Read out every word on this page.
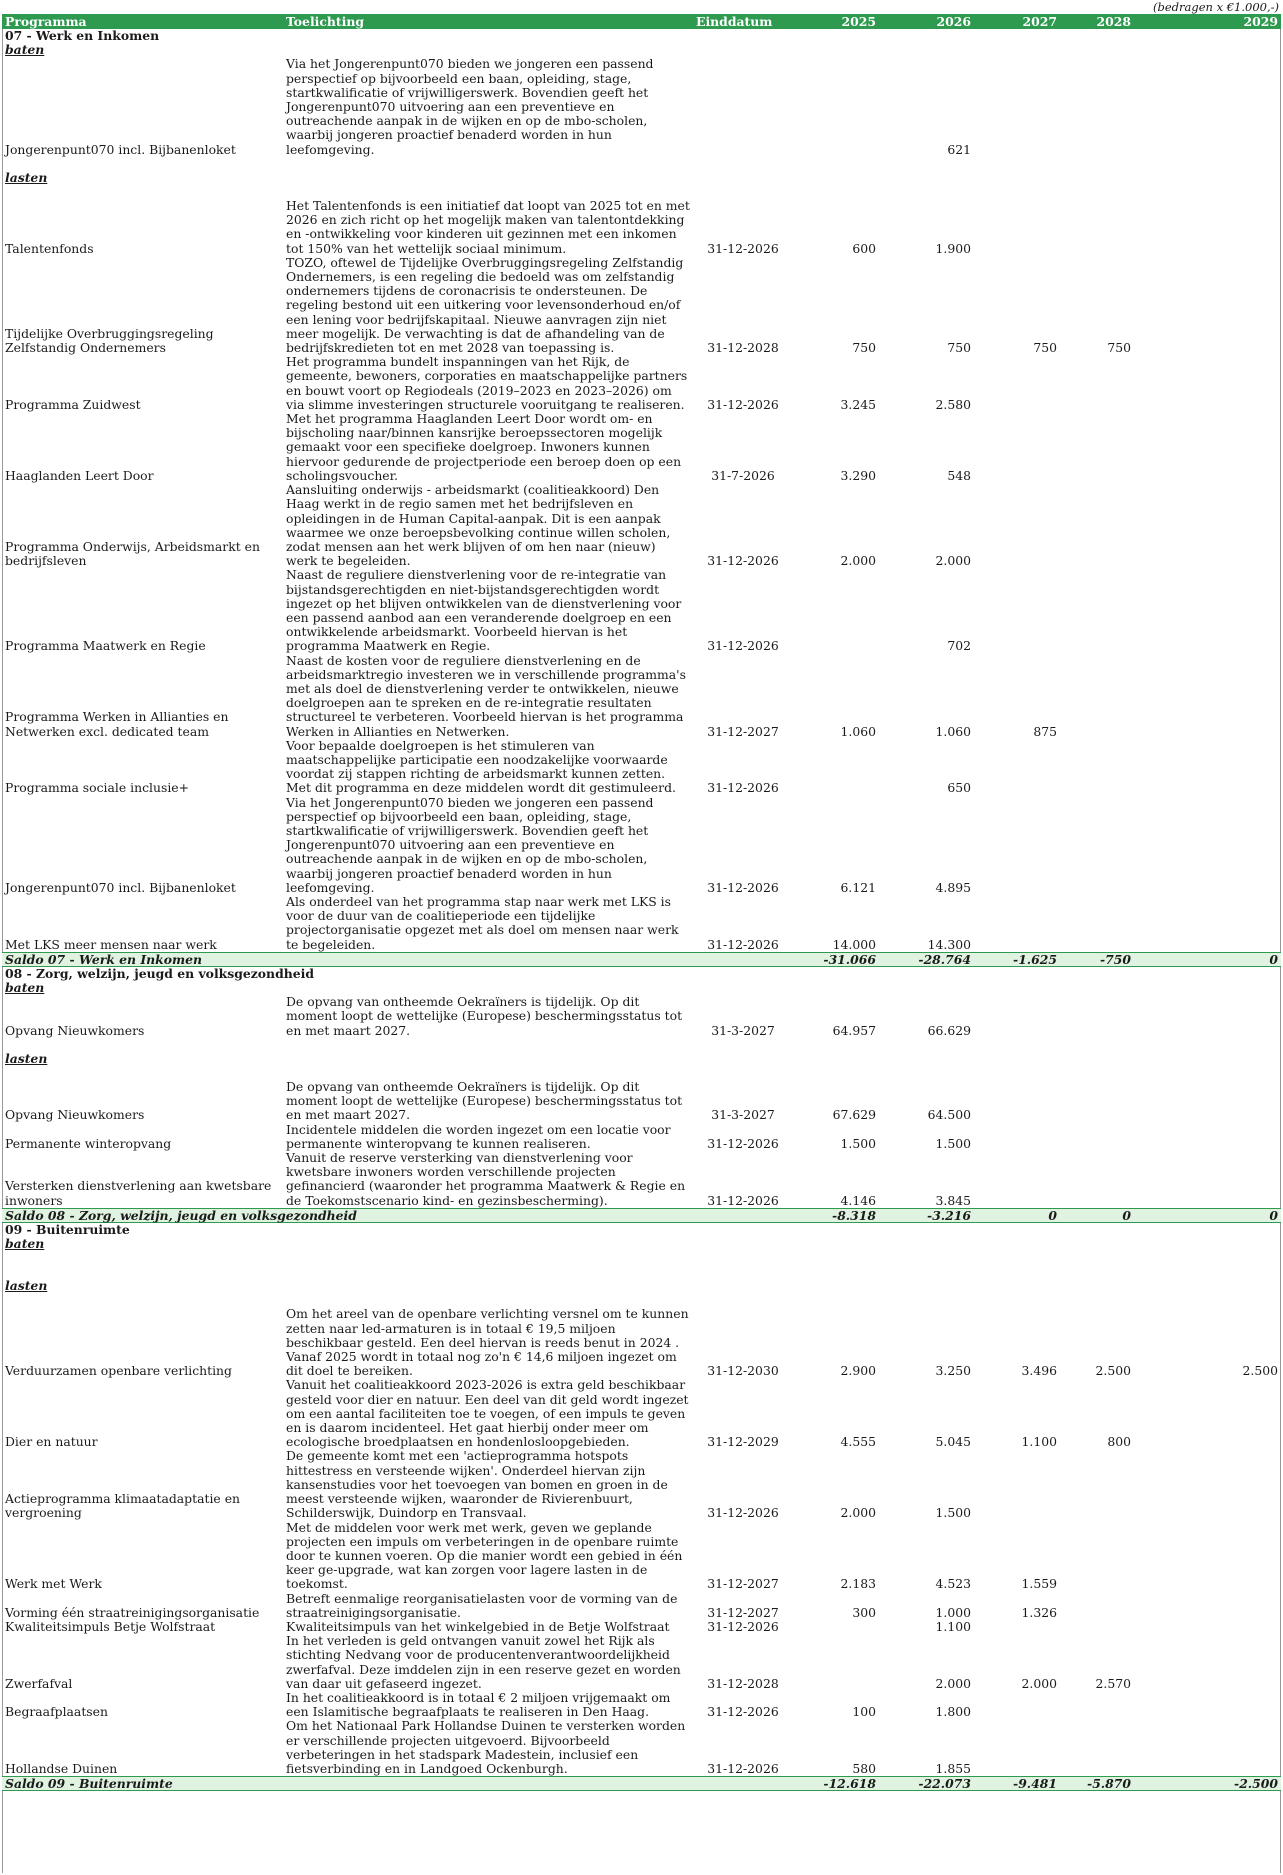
(bedragen x €1.000,-)
Programma	Toelichting	Einddatum	2025	2026	2027	2028	2029
07 - Werk en Inkomen							
baten							
Jongerenpunt070 incl. Bijbanenloket	Via het Jongerenpunt070 bieden we jongeren een passend perspectief op bijvoorbeeld een baan, opleiding, stage, startkwalificatie of vrijwilligerswerk. Bovendien geeft het Jongerenpunt070 uitvoering aan een preventieve en outreachende aanpak in de wijken en op de mbo-scholen, waarbij jongeren proactief benaderd worden in hun leefomgeving.			621			

lasten							

Talentenfonds	Het Talentenfonds is een initiatief dat loopt van 2025 tot en met 2026 en zich richt op het mogelijk maken van talentontdekking en -ontwikkeling voor kinderen uit gezinnen met een inkomen tot 150% van het wettelijk sociaal minimum.	31-12-2026	600	1.900			
Tijdelijke Overbruggingsregeling Zelfstandig Ondernemers	TOZO, oftewel de Tijdelijke Overbruggingsregeling Zelfstandig Ondernemers, is een regeling die bedoeld was om zelfstandig ondernemers tijdens de coronacrisis te ondersteunen. De regeling bestond uit een uitkering voor levensonderhoud en/of een lening voor bedrijfskapitaal. Nieuwe aanvragen zijn niet meer mogelijk. De verwachting is dat de afhandeling van de bedrijfskredieten tot en met 2028 van toepassing is.	31-12-2028	750	750	750	750	
Programma Zuidwest	Het programma bundelt inspanningen van het Rijk, de gemeente, bewoners, corporaties en maatschappelijke partners en bouwt voort op Regiodeals (2019–2023 en 2023–2026) om via slimme investeringen structurele vooruitgang te realiseren.	31-12-2026	3.245	2.580			
Haaglanden Leert Door	Met het programma Haaglanden Leert Door wordt om- en bijscholing naar/binnen kansrijke beroepssectoren mogelijk gemaakt voor een specifieke doelgroep. Inwoners kunnen hiervoor gedurende de projectperiode een beroep doen op een scholingsvoucher.	31-7-2026	3.290	548			
Programma Onderwijs, Arbeidsmarkt en bedrijfsleven	Aansluiting onderwijs - arbeidsmarkt (coalitieakkoord) Den Haag werkt in de regio samen met het bedrijfsleven en opleidingen in de Human Capital-aanpak. Dit is een aanpak waarmee we onze beroepsbevolking continue willen scholen, zodat mensen aan het werk blijven of om hen naar (nieuw) werk te begeleiden.	31-12-2026	2.000	2.000			
Programma Maatwerk en Regie	Naast de reguliere dienstverlening voor de re-integratie van bijstandsgerechtigden en niet-bijstandsgerechtigden wordt ingezet op het blijven ontwikkelen van de dienstverlening voor een passend aanbod aan een veranderende doelgroep en een ontwikkelende arbeidsmarkt. Voorbeeld hiervan is het programma Maatwerk en Regie.	31-12-2026		702			
Programma Werken in Allianties en Netwerken excl. dedicated team	Naast de kosten voor de reguliere dienstverlening en de arbeidsmarktregio investeren we in verschillende programma's met als doel de dienstverlening verder te ontwikkelen, nieuwe doelgroepen aan te spreken en de re-integratie resultaten structureel te verbeteren. Voorbeeld hiervan is het programma Werken in Allianties en Netwerken.	31-12-2027	1.060	1.060	875		
Programma sociale inclusie+	Voor bepaalde doelgroepen is het stimuleren van maatschappelijke participatie een noodzakelijke voorwaarde voordat zij stappen richting de arbeidsmarkt kunnen zetten. Met dit programma en deze middelen wordt dit gestimuleerd.	31-12-2026		650			
Jongerenpunt070 incl. Bijbanenloket	Via het Jongerenpunt070 bieden we jongeren een passend perspectief op bijvoorbeeld een baan, opleiding, stage, startkwalificatie of vrijwilligerswerk. Bovendien geeft het Jongerenpunt070 uitvoering aan een preventieve en outreachende aanpak in de wijken en op de mbo-scholen, waarbij jongeren proactief benaderd worden in hun leefomgeving.	31-12-2026	6.121	4.895			
Met LKS meer mensen naar werk	Als onderdeel van het programma stap naar werk met LKS is voor de duur van de coalitieperiode een tijdelijke projectorganisatie opgezet met als doel om mensen naar werk te begeleiden.	31-12-2026	14.000	14.300			
Saldo 07 - Werk en Inkomen			-31.066	-28.764	-1.625	-750	0
08 - Zorg, welzijn, jeugd en volksgezondheid							
baten							
Opvang Nieuwkomers	De opvang van ontheemde Oekraïners is tijdelijk. Op dit moment loopt de wettelijke (Europese) beschermingsstatus tot en met maart 2027.	31-3-2027	64.957	66.629			

lasten							

Opvang Nieuwkomers	De opvang van ontheemde Oekraïners is tijdelijk. Op dit moment loopt de wettelijke (Europese) beschermingsstatus tot en met maart 2027.	31-3-2027	67.629	64.500			
Permanente winteropvang	Incidentele middelen die worden ingezet om een locatie voor permanente winteropvang te kunnen realiseren.	31-12-2026	1.500	1.500			
Versterken dienstverlening aan kwetsbare inwoners	Vanuit de reserve versterking van dienstverlening voor kwetsbare inwoners worden verschillende projecten gefinancierd (waaronder het programma Maatwerk & Regie en de Toekomstscenario kind- en gezinsbescherming).	31-12-2026	4.146	3.845			
Saldo 08 - Zorg, welzijn, jeugd en volksgezondheid			-8.318	-3.216	0	0	0
09 - Buitenruimte							
baten							

lasten							

Verduurzamen openbare verlichting	Om het areel van de openbare verlichting versnel om te kunnen zetten naar led-armaturen is in totaal € 19,5 miljoen beschikbaar gesteld. Een deel hiervan is reeds benut in 2024 . Vanaf 2025 wordt in totaal nog zo'n € 14,6 miljoen ingezet om dit doel te bereiken.	31-12-2030	2.900	3.250	3.496	2.500	2.500
Dier en natuur	Vanuit het coalitieakkoord 2023-2026 is extra geld beschikbaar gesteld voor dier en natuur. Een deel van dit geld wordt ingezet om een aantal faciliteiten toe te voegen, of een impuls te geven en is daarom incidenteel. Het gaat hierbij onder meer om ecologische broedplaatsen en hondenlosloopgebieden.	31-12-2029	4.555	5.045	1.100	800	
Actieprogramma klimaatadaptatie en vergroening	De gemeente komt met een 'actieprogramma hotspots hittestress en versteende wijken'. Onderdeel hiervan zijn kansenstudies voor het toevoegen van bomen en groen in de meest versteende wijken, waaronder de Rivierenbuurt, Schilderswijk, Duindorp en Transvaal.	31-12-2026	2.000	1.500			
Werk met Werk	Met de middelen voor werk met werk, geven we geplande projecten een impuls om verbeteringen in de openbare ruimte door te kunnen voeren. Op die manier wordt een gebied in één keer ge-upgrade, wat kan zorgen voor lagere lasten in de toekomst.	31-12-2027	2.183	4.523	1.559		
Vorming één straatreinigingsorganisatie	Betreft eenmalige reorganisatielasten voor de vorming van de straatreinigingsorganisatie.	31-12-2027	300	1.000	1.326		
Kwaliteitsimpuls Betje Wolfstraat	Kwaliteitsimpuls van het winkelgebied in de Betje Wolfstraat	31-12-2026		1.100			
Zwerfafval	In het verleden is geld ontvangen vanuit zowel het Rijk als stichting Nedvang voor de producentenverantwoordelijkheid zwerfafval. Deze imddelen zijn in een reserve gezet en worden van daar uit gefaseerd ingezet.	31-12-2028		2.000	2.000	2.570	
Begraafplaatsen	In het coalitieakkoord is in totaal € 2 miljoen vrijgemaakt om een Islamitische begraafplaats te realiseren in Den Haag.	31-12-2026	100	1.800			
Hollandse Duinen	Om het Nationaal Park Hollandse Duinen te versterken worden er verschillende projecten uitgevoerd. Bijvoorbeeld verbeteringen in het stadspark Madestein, inclusief een fietsverbinding en in Landgoed Ockenburgh.	31-12-2026	580	1.855			
Saldo 09 - Buitenruimte			-12.618	-22.073	-9.481	-5.870	-2.500
